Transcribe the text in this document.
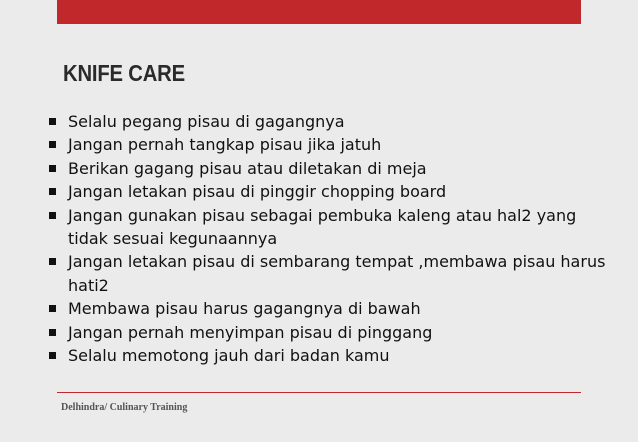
KNIFE CARE
Selalu pegang pisau di gagangnya
Jangan pernah tangkap pisau jika jatuh
Berikan gagang pisau atau diletakan di meja
Jangan letakan pisau di pinggir chopping board
Jangan gunakan pisau sebagai pembuka kaleng atau hal2 yang tidak sesuai kegunaannya
Jangan letakan pisau di sembarang tempat ,membawa pisau harus hati2
Membawa pisau harus gagangnya di bawah
Jangan pernah menyimpan pisau di pinggang
Selalu memotong jauh dari badan kamu
Delhindra/ Culinary Training
